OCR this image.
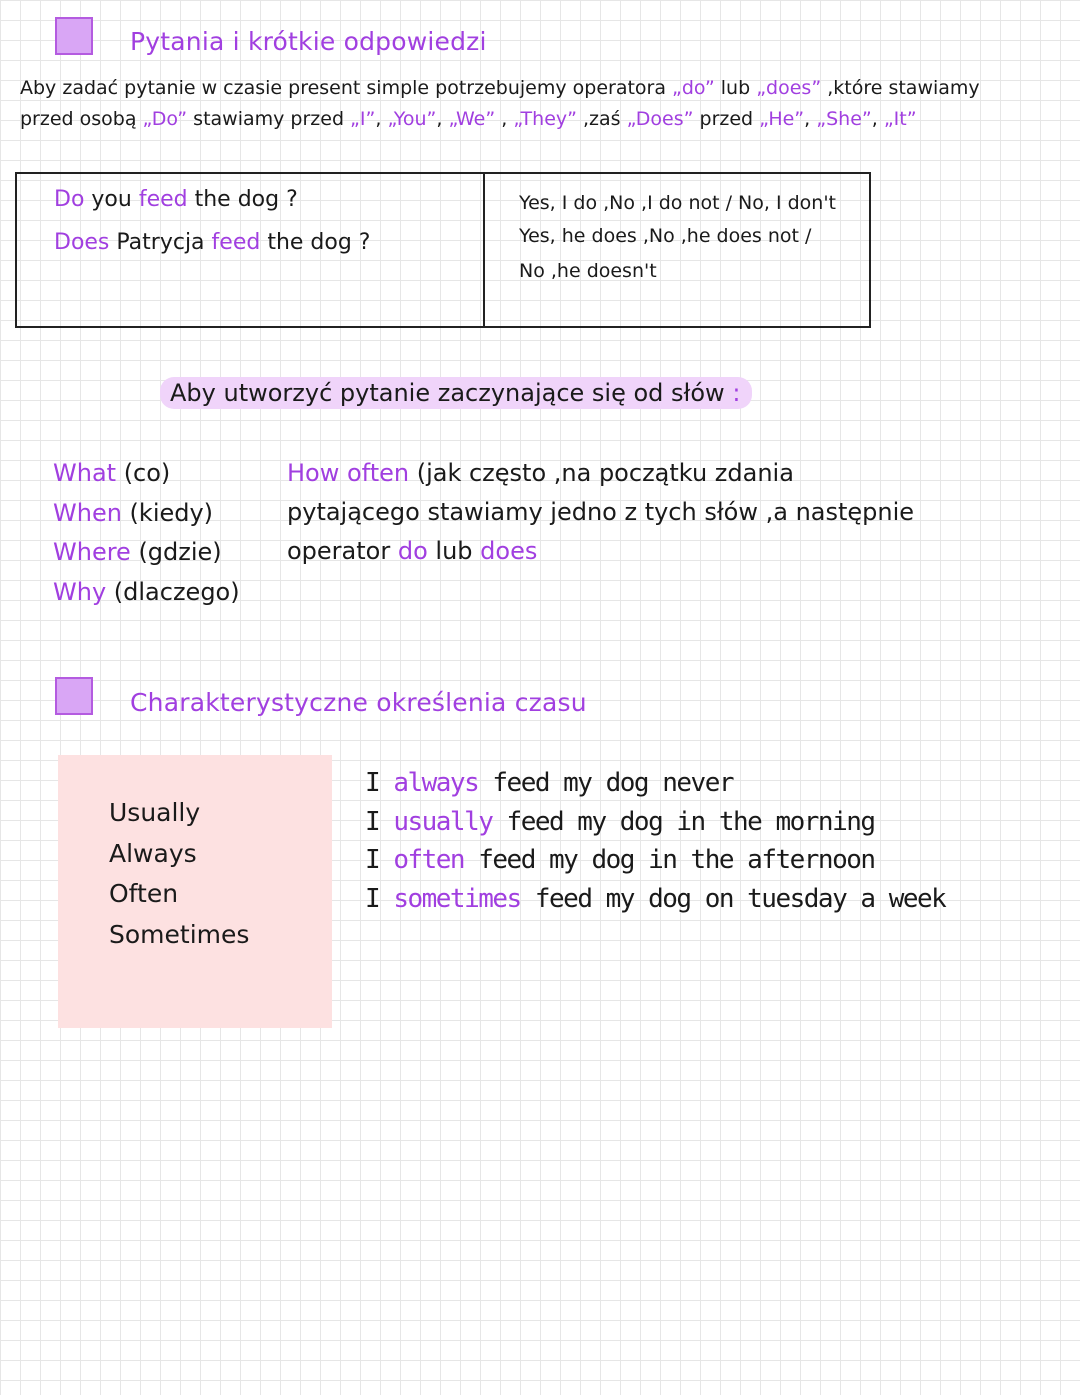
Pytania i krótkie odpowiedzi
Aby zadać pytanie w czasie present simple potrzebujemy operatora „do” lub „does” ,które stawiamy
przed osobą „Do” stawiamy przed „I”, „You”, „We” , „They” ,zaś „Does” przed „He”, „She”, „It”
Do you feed the dog ?
Does Patrycja feed the dog ?
Yes, I do ,No ,I do not / No, I don't
Yes, he does ,No ,he does not /
No ,he doesn't
Aby utworzyć pytanie zaczynające się od słów :
What (co)
When (kiedy)
Where (gdzie)
Why (dlaczego)
How often (jak często ,na początku zdania
pytającego stawiamy jedno z tych słów ,a następnie
operator do lub does
Charakterystyczne określenia czasu
Usually
Always
Often
Sometimes
I always feed my dog never
I usually feed my dog in the morning
I often feed my dog in the afternoon
I sometimes feed my dog on tuesday a week
